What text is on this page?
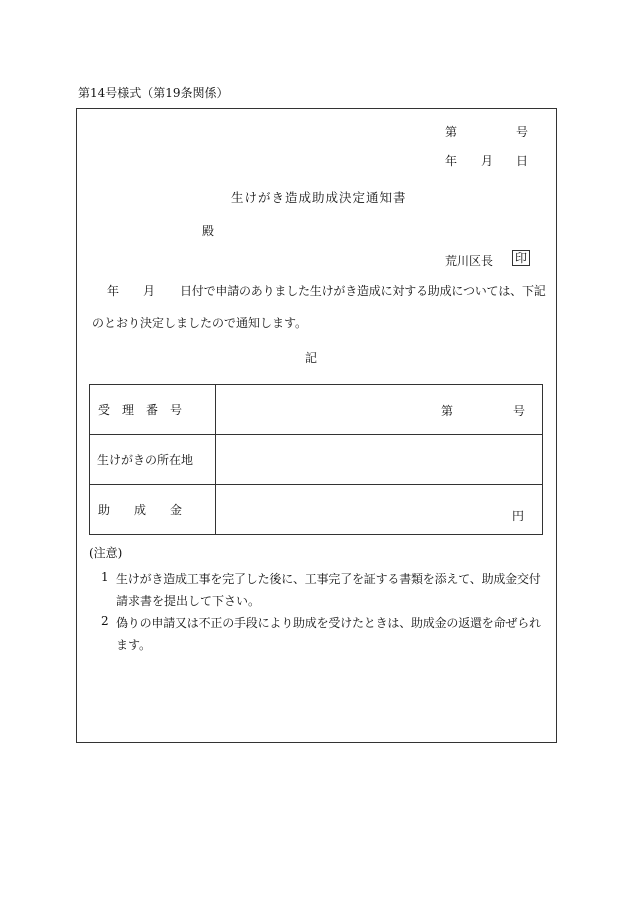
第14号様式（第19条関係）
第	号
年 月 日
生けがき造成助成決定通知書
殿
荒川区長 印
年 月 日付で申請のありました生けがき造成に対する助成については、下記
のとおり決定しましたので通知します。
記
受　理　番　号	第 号

生けがきの所在地	
助　　成　　金	円
(注意)
1 生けがき造成工事を完了した後に、工事完了を証する書類を添えて、助成金交付
請求書を提出して下さい。
2 偽りの申請又は不正の手段により助成を受けたときは、助成金の返還を命ぜられ
ます。
